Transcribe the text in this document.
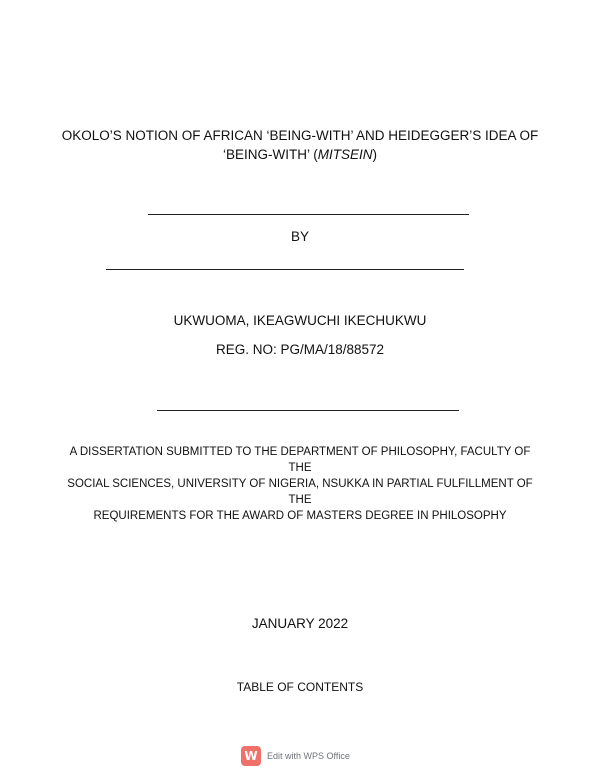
OKOLO’S NOTION OF AFRICAN ‘BEING-WITH’ AND HEIDEGGER’S IDEA OF
‘BEING-WITH’ (MITSEIN)
BY
UKWUOMA, IKEAGWUCHI IKECHUKWU
REG. NO: PG/MA/18/88572
A DISSERTATION SUBMITTED TO THE DEPARTMENT OF PHILOSOPHY, FACULTY OF THE
SOCIAL SCIENCES, UNIVERSITY OF NIGERIA, NSUKKA IN PARTIAL FULFILLMENT OF THE
REQUIREMENTS FOR THE AWARD OF MASTERS DEGREE IN PHILOSOPHY
JANUARY 2022
TABLE OF CONTENTS
W	Edit with WPS Office
